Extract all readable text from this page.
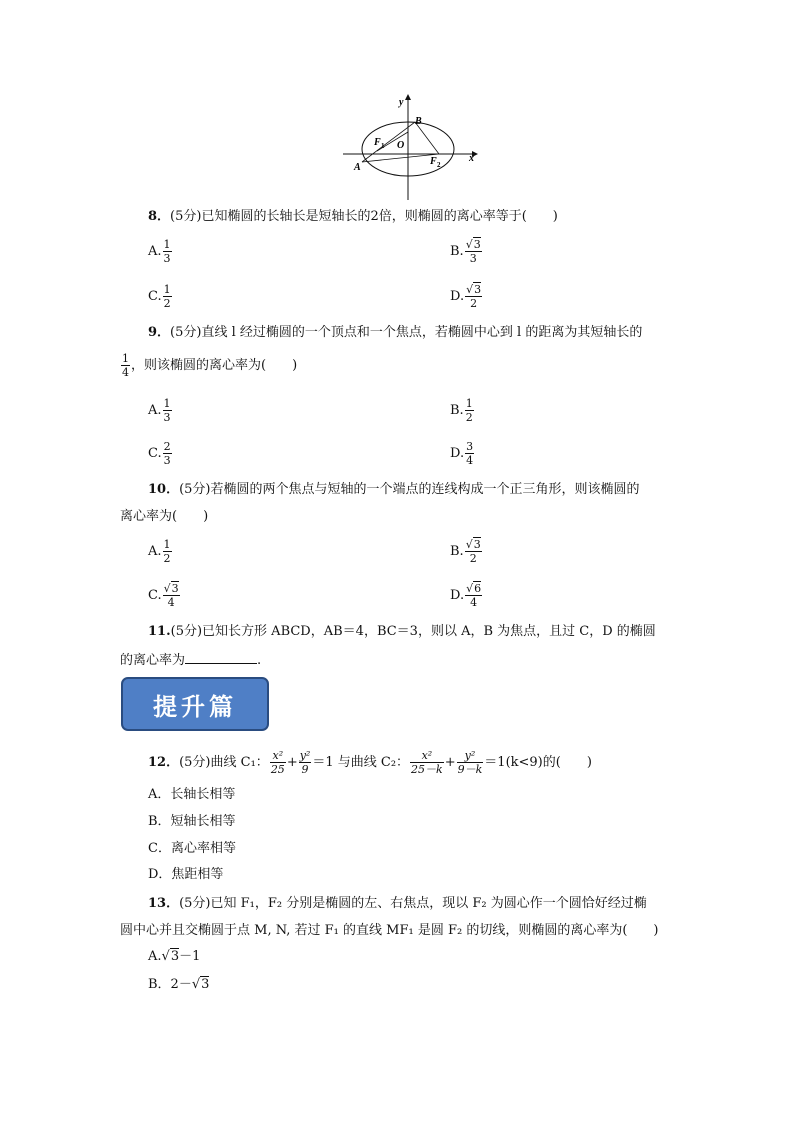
y
x
B
O
A
F 1
F 2
8．(5分)已知椭圆的长轴长是短轴长的2倍，则椭圆的离心率等于(　　)
A. $\frac{1}{3}$	B. $\frac{√3}{3}$
C. $\frac{1}{2}$	D. $\frac{√3}{2}$
9．(5分)直线 l 经过椭圆的一个顶点和一个焦点，若椭圆中心到 l 的距离为其短轴长的
$\frac{1}{4}$ ，则该椭圆的离心率为(　　)
A. $\frac{1}{3}$	B. $\frac{1}{2}$
C. $\frac{2}{3}$	D. $\frac{3}{4}$
10．(5分)若椭圆的两个焦点与短轴的一个端点的连线构成一个正三角形，则该椭圆的
离心率为(　　)
A. $\frac{1}{2}$	B. $\frac{√3}{2}$
C. $\frac{√3}{4}$	D. $\frac{√6}{4}$
11.(5分)已知长方形 ABCD，AB＝4，BC＝3，则以 A，B 为焦点，且过 C，D 的椭圆
的离心率为	.
提升篇
12．(5分)曲线 C₁： $\frac{\text{x²}}{25} + \frac{\text{y²}}{9} =1$ 与曲线 C₂： $\frac{\text{x²}}{25-k} + \frac{\text{y²}}{9-k} =1(k<9)$的(　　)
A．长轴长相等
B．短轴长相等
C．离心率相等
D．焦距相等
13．(5分)已知 F₁，F₂ 分别是椭圆的左、右焦点，现以 F₂ 为圆心作一个圆恰好经过椭
圆中心并且交椭圆于点 M, N, 若过 F₁ 的直线 MF₁ 是圆 F₂ 的切线，则椭圆的离心率为(　　)
A.√3－1
B．2－√3
